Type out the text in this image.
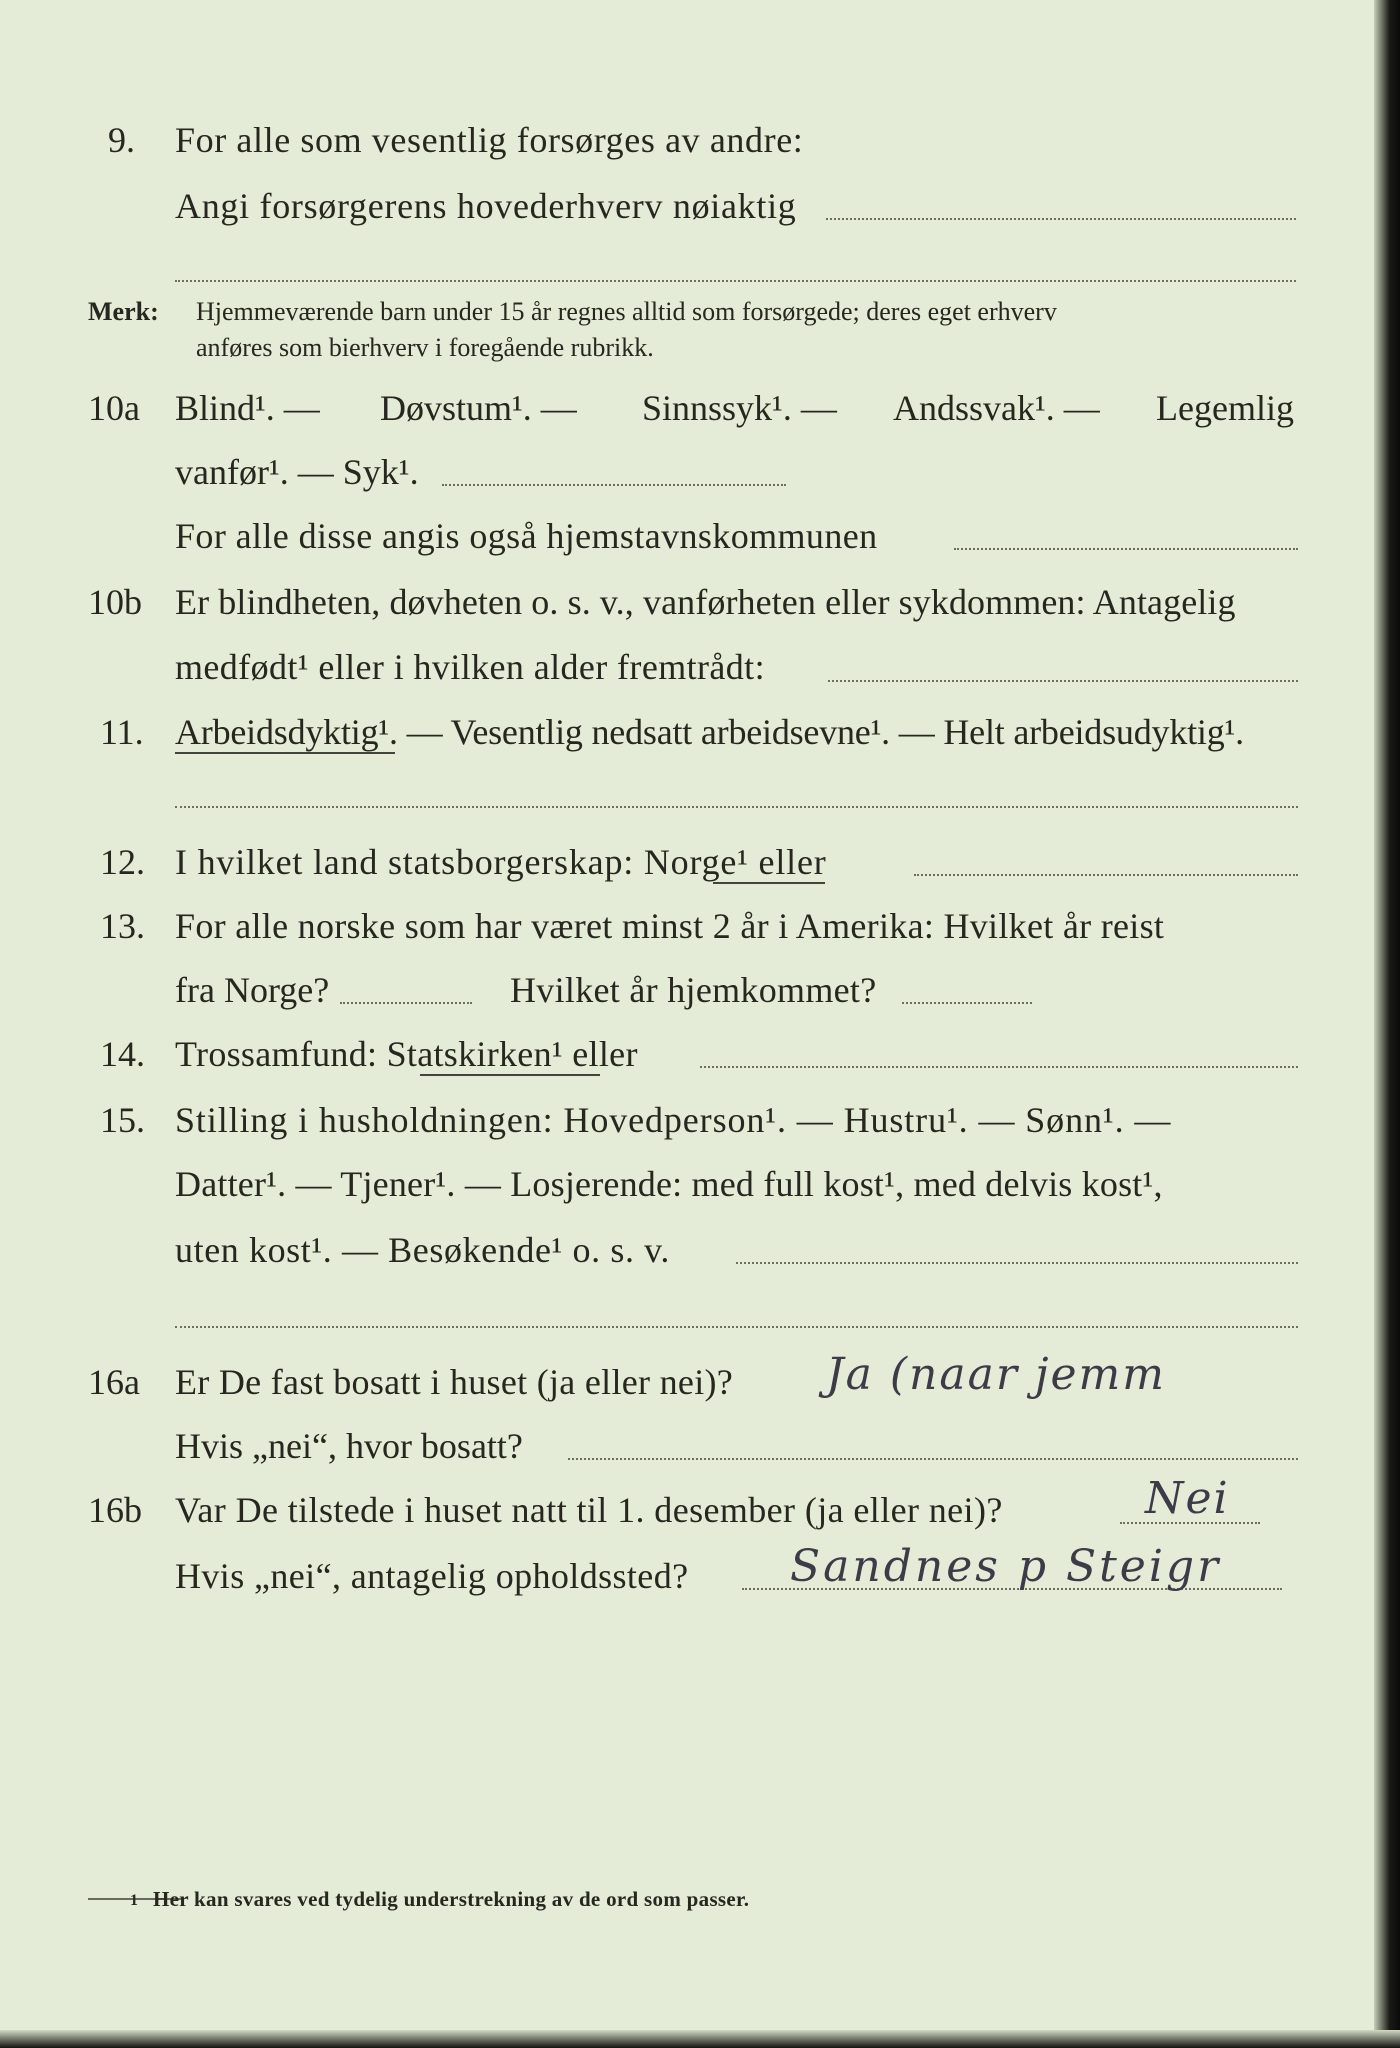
9. For alle som vesentlig forsørges av andre:
Angi forsørgerens hovederhverv nøiaktig
Merk: Hjemmeværende barn under 15 år regnes alltid som forsørgede; deres eget erhverv
anføres som bierhverv i foregående rubrikk.
10a Blind¹. — Døvstum¹. — Sinnssyk¹. — Andssvak¹. — Legemlig
vanfør¹. — Syk¹.
For alle disse angis også hjemstavnskommunen
10b Er blindheten, døvheten o. s. v., vanførheten eller sykdommen: Antagelig
medfødt¹ eller i hvilken alder fremtrådt:
11. Arbeidsdyktig¹. — Vesentlig nedsatt arbeidsevne¹. — Helt arbeidsudyktig¹.
12. I hvilket land statsborgerskap: Norge¹ eller
13. For alle norske som har været minst 2 år i Amerika: Hvilket år reist
fra Norge?	Hvilket år hjemkommet?
14. Trossamfund: Statskirken¹ eller
15. Stilling i husholdningen: Hovedperson¹. — Hustru¹. — Sønn¹. —
Datter¹. — Tjener¹. — Losjerende: med full kost¹, med delvis kost¹,
uten kost¹. — Besøkende¹ o. s. v.
16a Er De fast bosatt i huset (ja eller nei)? Ja (naar jemm
Hvis „nei“, hvor bosatt?
16b Var De tilstede i huset natt til 1. desember (ja eller nei)?	Nei
Hvis „nei“, antagelig opholdssted? Sandnes p Steigr
1 Her kan svares ved tydelig understrekning av de ord som passer.
